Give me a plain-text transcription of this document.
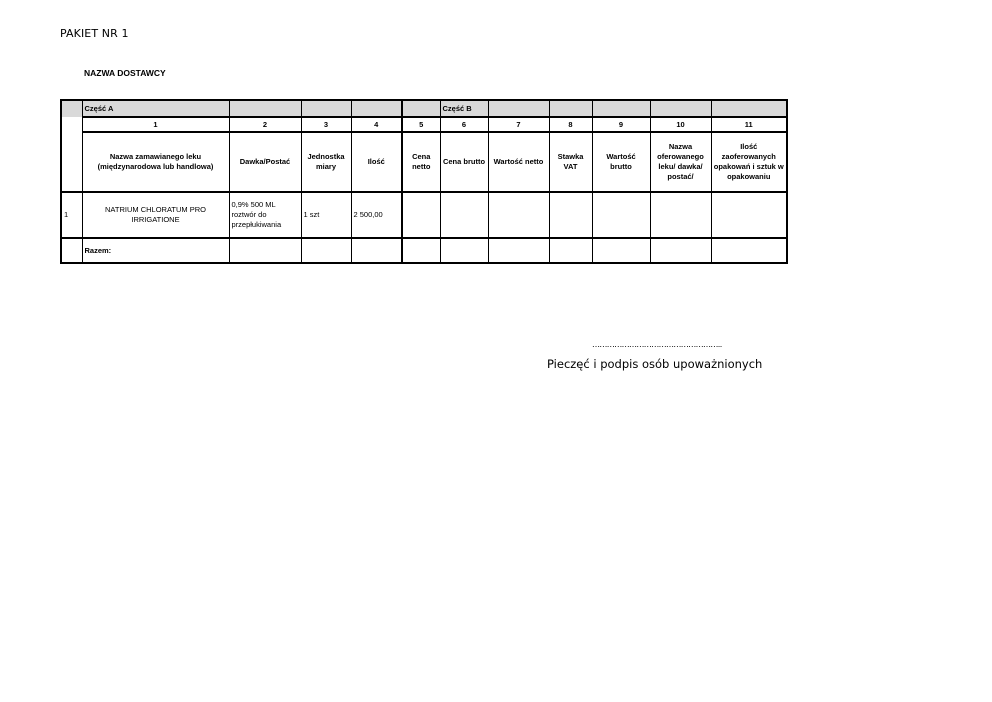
PAKIET NR 1
NAZWA DOSTAWCY
	Część A					Część B					
	1	2	3	4	5	6	7	8	9	10	11
	Nazwa zamawianego leku (międzynarodowa lub handlowa)	Dawka/Postać	Jednostka miary	Ilość	Cena netto	Cena brutto	Wartość netto	Stawka VAT	Wartość brutto	Nazwa oferowanego leku/ dawka/ postać/	Ilość zaoferowanych opakowań i sztuk w opakowaniu
1	NATRIUM CHLORATUM PRO IRRIGATIONE	0,9% 500 ML roztwór do przepłukiwania	1 szt	2 500,00							
	Razem:										
……………………………………………..
Pieczęć i podpis osób upoważnionych
